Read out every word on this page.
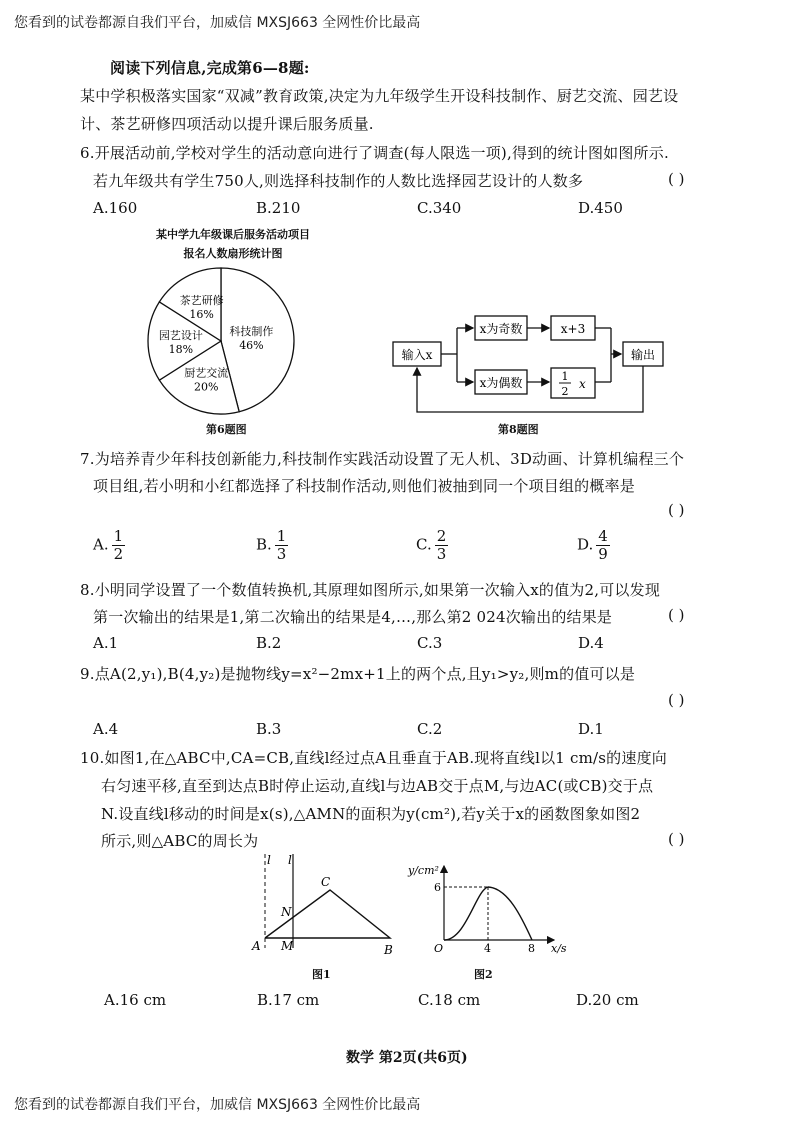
您看到的试卷都源自我们平台，加威信 MXSJ663 全网性价比最高
您看到的试卷都源自我们平台，加威信 MXSJ663 全网性价比最高
阅读下列信息,完成第6—8题:
某中学积极落实国家“双减”教育政策,决定为九年级学生开设科技制作、厨艺交流、园艺设
计、茶艺研修四项活动以提升课后服务质量.
6.开展活动前,学校对学生的活动意向进行了调查(每人限选一项),得到的统计图如图所示.
若九年级共有学生750人,则选择科技制作的人数比选择园艺设计的人数多	( )
A.160	B.210	C.340	D.450
某中学九年级课后服务活动项目
报名人数扇形统计图
科技制作
46%
厨艺交流
20%
园艺设计
18%
茶艺研修
16%
第6题图
输入x
x为奇数
x为偶数
x+3
1
2
x
输出
第8题图
7.为培养青少年科技创新能力,科技制作实践活动设置了无人机、3D动画、计算机编程三个
项目组,若小明和小红都选择了科技制作活动,则他们被抽到同一个项目组的概率是
( )
A. $\frac{1}{2}$	B. $\frac{1}{3}$	C. $\frac{2}{3}$	D. $\frac{4}{9}$
8.小明同学设置了一个数值转换机,其原理如图所示,如果第一次输入x的值为2,可以发现
第一次输出的结果是1,第二次输出的结果是4,…,那么第2 024次输出的结果是	( )
A.1	B.2	C.3	D.4
9.点A(2,y₁),B(4,y₂)是抛物线y=x²−2mx+1上的两个点,且y₁>y₂,则m的值可以是
( )
A.4	B.3	C.2	D.1
10.如图1,在△ABC中,CA=CB,直线l经过点A且垂直于AB.现将直线l以1 cm/s的速度向
右匀速平移,直至到达点B时停止运动,直线l与边AB交于点M,与边AC(或CB)交于点
N.设直线l移动的时间是x(s),△AMN的面积为y(cm²),若y关于x的函数图象如图2
所示,则△ABC的周长为	( )
l l
A	B
C
M
N
图1
y/cm²
x/s
O
6
4	8
图2
A.16 cm	B.17 cm	C.18 cm	D.20 cm
数学 第2页(共6页)
